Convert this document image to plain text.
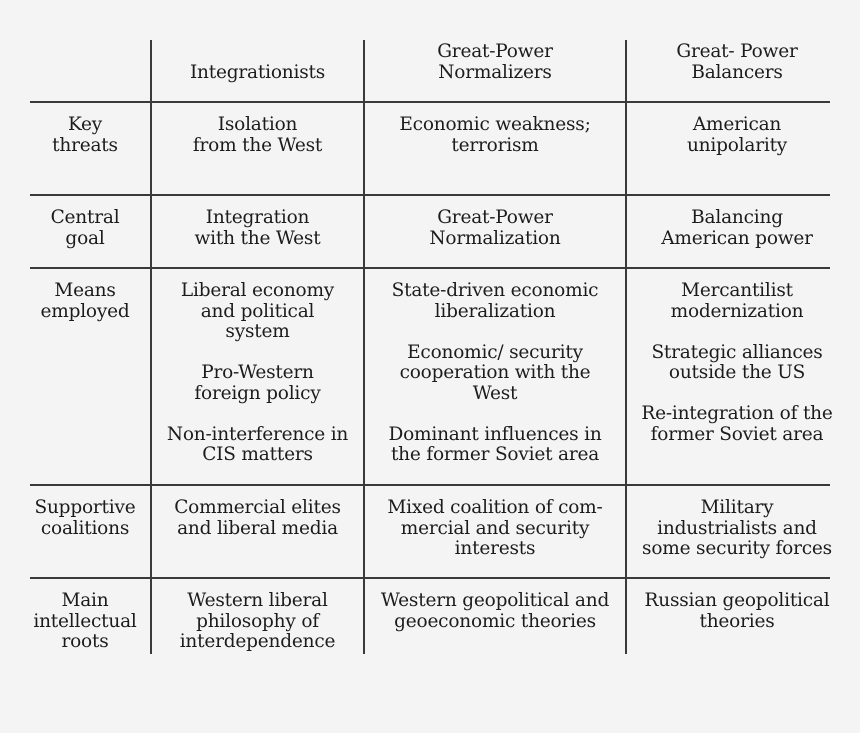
Integrationists
Great-Power
Normalizers
Great- Power
Balancers
Key
threats
Isolation
from the West
Economic weakness;
terrorism
American
unipolarity
Central
goal
Integration
with the West
Great-Power
Normalization
Balancing
American power
Means
employed
Liberal economy
and political
system
Pro-Western
foreign policy
Non-interference in
CIS matters
State-driven economic
liberalization
Economic/ security
cooperation with the
West
Dominant influences in
the former Soviet area
Mercantilist
modernization
Strategic alliances
outside the US
Re-integration of the
former Soviet area
Supportive
coalitions
Commercial elites
and liberal media
Mixed coalition of com-
mercial and security
interests
Military
industrialists and
some security forces
Main
intellectual
roots
Western liberal
philosophy of
interdependence
Western geopolitical and
geoeconomic theories
Russian geopolitical
theories
